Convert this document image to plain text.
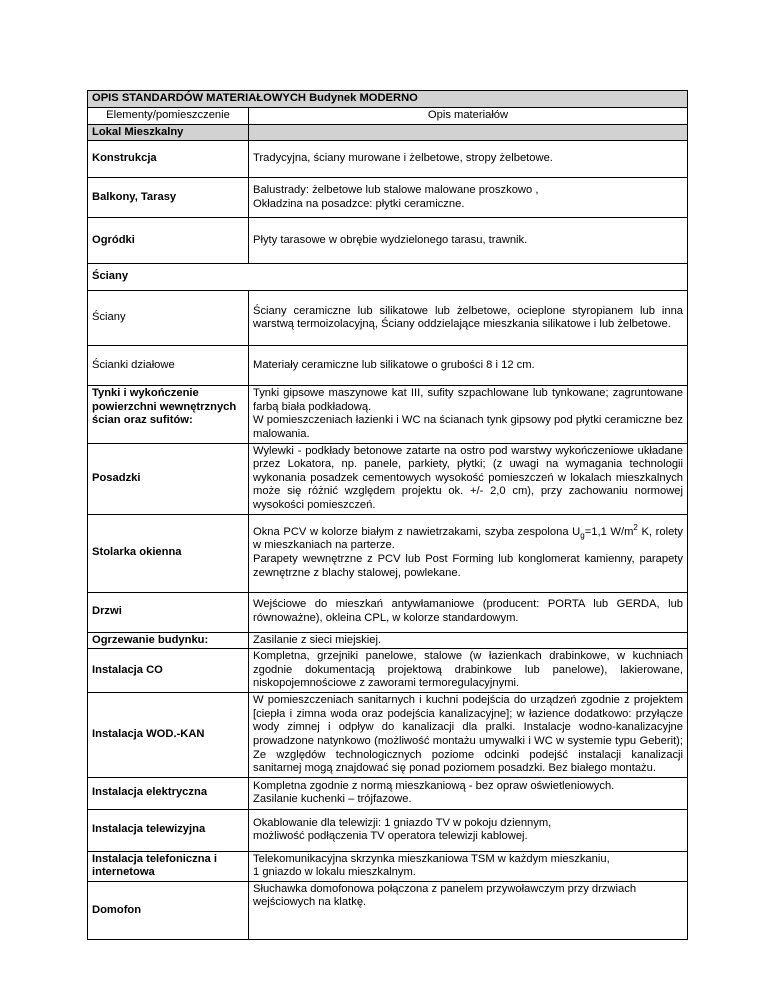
OPIS STANDARDÓW MATERIAŁOWYCH Budynek MODERNO	
Elementy/pomieszczenie	Opis materiałów
Lokal Mieszkalny	
Konstrukcja	Tradycyjna, ściany murowane i żelbetowe, stropy żelbetowe.
Balkony, Tarasy	Balustrady: żelbetowe lub stalowe malowane proszkowo ,
Okładzina na posadzce: płytki ceramiczne.

Ogródki	Płyty tarasowe w obrębie wydzielonego tarasu, trawnik.
Ściany	
Ściany	Ściany ceramiczne lub silikatowe lub żelbetowe, ocieplone styropianem lub inna warstwą termoizolacyjną, Ściany oddzielające mieszkania silikatowe i lub żelbetowe.
Ścianki działowe	Materiały ceramiczne lub silikatowe o grubości 8 i 12 cm.
Tynki i wykończenie powierzchni wewnętrznych ścian oraz sufitów:	Tynki gipsowe maszynowe kat III, sufity szpachlowane lub tynkowane; zagruntowane farbą biała podkładową.
W pomieszczeniach łazienki i WC na ścianach tynk gipsowy pod płytki ceramiczne bez malowania.

Posadzki	Wylewki - podkłady betonowe zatarte na ostro pod warstwy wykończeniowe układane przez Lokatora, np. panele, parkiety, płytki; (z uwagi na wymagania technologii wykonania posadzek cementowych wysokość pomieszczeń w lokalach mieszkalnych może się różnić względem projektu ok. +/- 2,0 cm), przy zachowaniu normowej wysokości pomieszczeń.
Stolarka okienna	Okna PCV w kolorze białym z nawietrzakami, szyba zespolona $U_g=1,1$ $W/m^2$ K, rolety w mieszkaniach na parterze.
Parapety wewnętrzne z PCV lub Post Forming lub konglomerat kamienny, parapety zewnętrzne z blachy stalowej, powlekane.

Drzwi	Wejściowe do mieszkań antywłamaniowe (producent: PORTA lub GERDA, lub równoważne), okleina CPL, w kolorze standardowym.
Ogrzewanie budynku:	Zasilanie z sieci miejskiej.
Instalacja CO	Kompletna, grzejniki panelowe, stalowe (w łazienkach drabinkowe, w kuchniach zgodnie dokumentacją projektową drabinkowe lub panelowe), lakierowane, niskopojemnościowe z zaworami termoregulacyjnymi.
Instalacja WOD.-KAN	W pomieszczeniach sanitarnych i kuchni podejścia do urządzeń zgodnie z projektem [ciepła i zimna woda oraz podejścia kanalizacyjne]; w łazience dodatkowo: przyłącze wody zimnej i odpływ do kanalizacji dla pralki. Instalacje wodno-kanalizacyjne prowadzone natynkowo (możliwość montażu umywalki i WC w systemie typu Geberit); Ze względów technologicznych poziome odcinki podejść instalacji kanalizacji sanitarnej mogą znajdować się ponad poziomem posadzki. Bez białego montażu.
Instalacja elektryczna	Kompletna zgodnie z normą mieszkaniową - bez opraw oświetleniowych.
Zasilanie kuchenki – trójfazowe.

Instalacja telewizyjna	Okablowanie dla telewizji: 1 gniazdo TV w pokoju dziennym,
możliwość podłączenia TV operatora telewizji kablowej.

Instalacja telefoniczna i internetowa	Telekomunikacyjna skrzynka mieszkaniowa TSM w każdym mieszkaniu,
1 gniazdo w lokalu mieszkalnym.

Domofon	Słuchawka domofonowa połączona z panelem przywoławczym przy drzwiach
wejściowych na klatkę.
